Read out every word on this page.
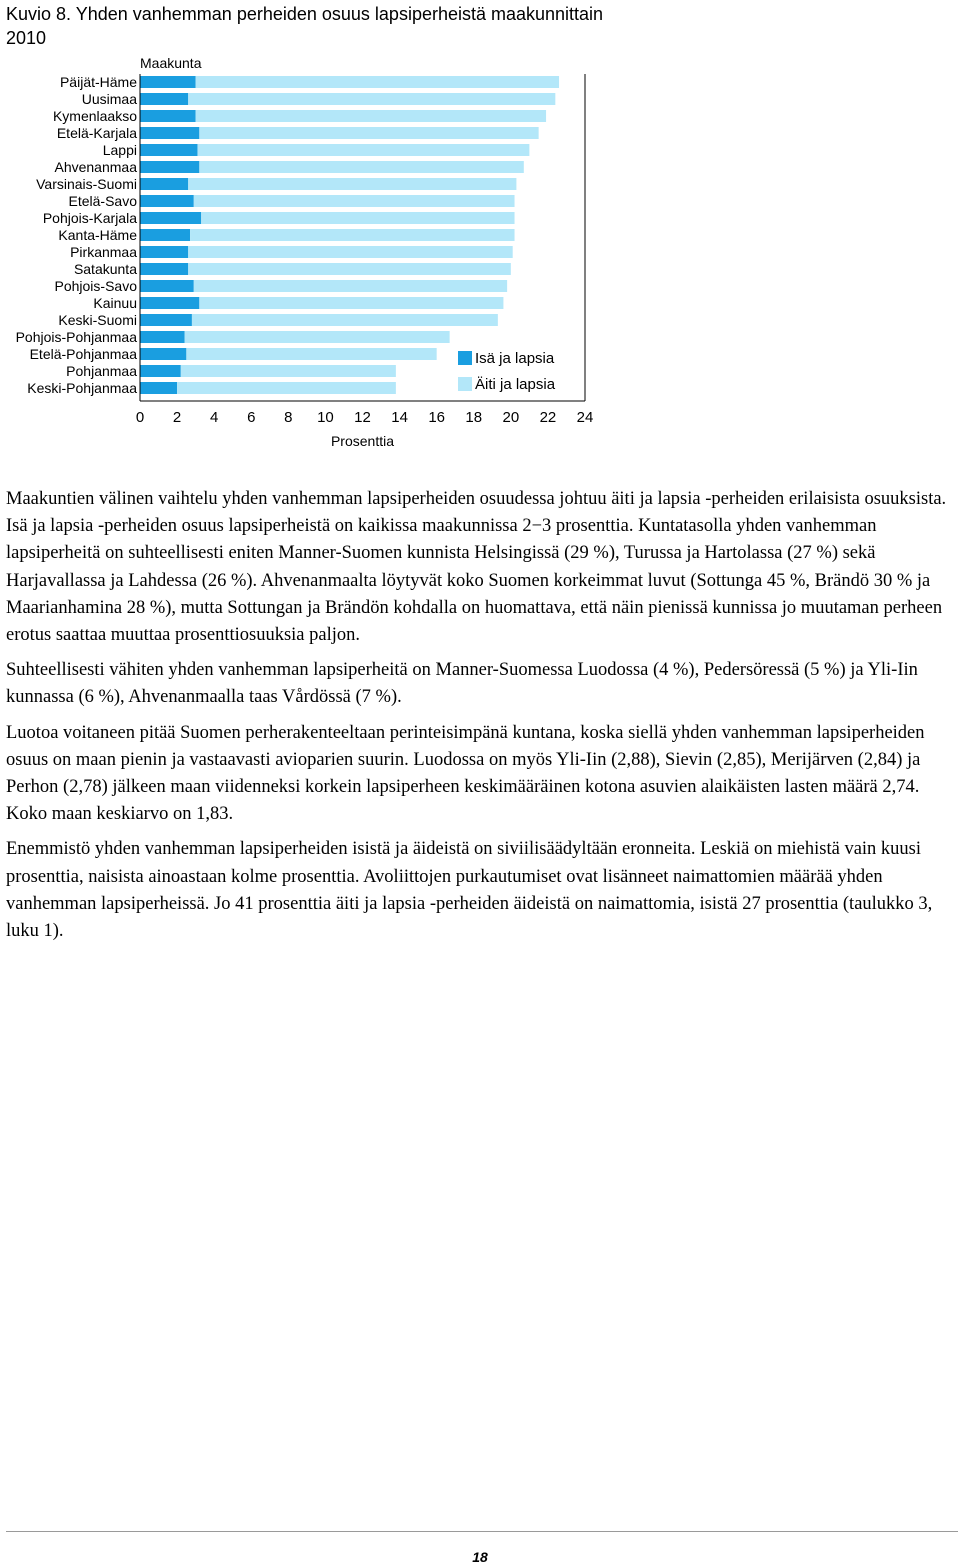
Kuvio 8. Yhden vanhemman perheiden osuus lapsiperheistä maakunnittain 2010
Maakunta
Päijät-Häme
Uusimaa
Kymenlaakso
Etelä-Karjala
Lappi
Ahvenanmaa
Varsinais-Suomi
Etelä-Savo
Pohjois-Karjala
Kanta-Häme
Pirkanmaa
Satakunta
Pohjois-Savo
Kainuu
Keski-Suomi
Pohjois-Pohjanmaa
Etelä-Pohjanmaa
Pohjanmaa
Keski-Pohjanmaa
0 2 4 6 8 10 12 14 16 18 20 22 24
Prosenttia
Isä ja lapsia
Äiti ja lapsia

Maakuntien välinen vaihtelu yhden vanhemman lapsiperheiden osuudessa johtuu äiti ja lapsia -perheiden erilaisista osuuksista. Isä ja lapsia -perheiden osuus lapsiperheistä on kaikissa maakunnissa 2−3 prosenttia. Kuntatasolla yhden vanhemman lapsiperheitä on suhteellisesti eniten Manner-Suomen kunnista Helsingissä (29 %), Turussa ja Hartolassa (27 %) sekä Harjavallassa ja Lahdessa (26 %). Ahvenanmaalta löytyvät koko Suomen korkeimmat luvut (Sottunga 45 %, Brändö 30 % ja Maarianhamina 28 %), mutta Sottungan ja Brändön kohdalla on huomattava, että näin pienissä kunnissa jo muutaman perheen erotus saattaa muuttaa prosenttiosuuksia paljon.

Suhteellisesti vähiten yhden vanhemman lapsiperheitä on Manner-Suomessa Luodossa (4 %), Pedersöressä (5 %) ja Yli-Iin kunnassa (6 %), Ahvenanmaalla taas Vårdössä (7 %).

Luotoa voitaneen pitää Suomen perherakenteeltaan perinteisimpänä kuntana, koska siellä yhden vanhemman lapsiperheiden osuus on maan pienin ja vastaavasti avioparien suurin. Luodossa on myös Yli-Iin (2,88), Sievin (2,85), Merijärven (2,84) ja Perhon (2,78) jälkeen maan viidenneksi korkein lapsiperheen keskimääräinen kotona asuvien alaikäisten lasten määrä 2,74. Koko maan keskiarvo on 1,83.

Enemmistö yhden vanhemman lapsiperheiden isistä ja äideistä on siviilisäädyltään eronneita. Leskiä on miehistä vain kuusi prosenttia, naisista ainoastaan kolme prosenttia. Avoliittojen purkautumiset ovat lisänneet naimattomien määrää yhden vanhemman lapsiperheissä. Jo 41 prosenttia äiti ja lapsia -perheiden äideistä on naimattomia, isistä 27 prosenttia (taulukko 3, luku 1).

18
